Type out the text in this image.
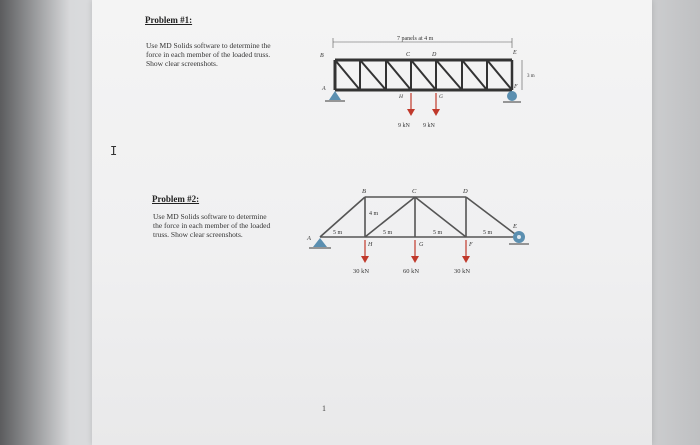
I
Problem #1:
Use MD Solids software to determine the
force in each member of the loaded truss.
Show clear screenshots.
7 panels at 4 m
3 m
B
A
C	D	E
F
G
H
9 kN 9 kN
Problem #2:
Use MD Solids software to determine
the force in each member of the loaded
truss. Show clear screenshots.	A
B	C	D
E
F
G
H
5 m
4 m
5 m	5 m	5 m
30 kN	60 kN	30 kN
1
